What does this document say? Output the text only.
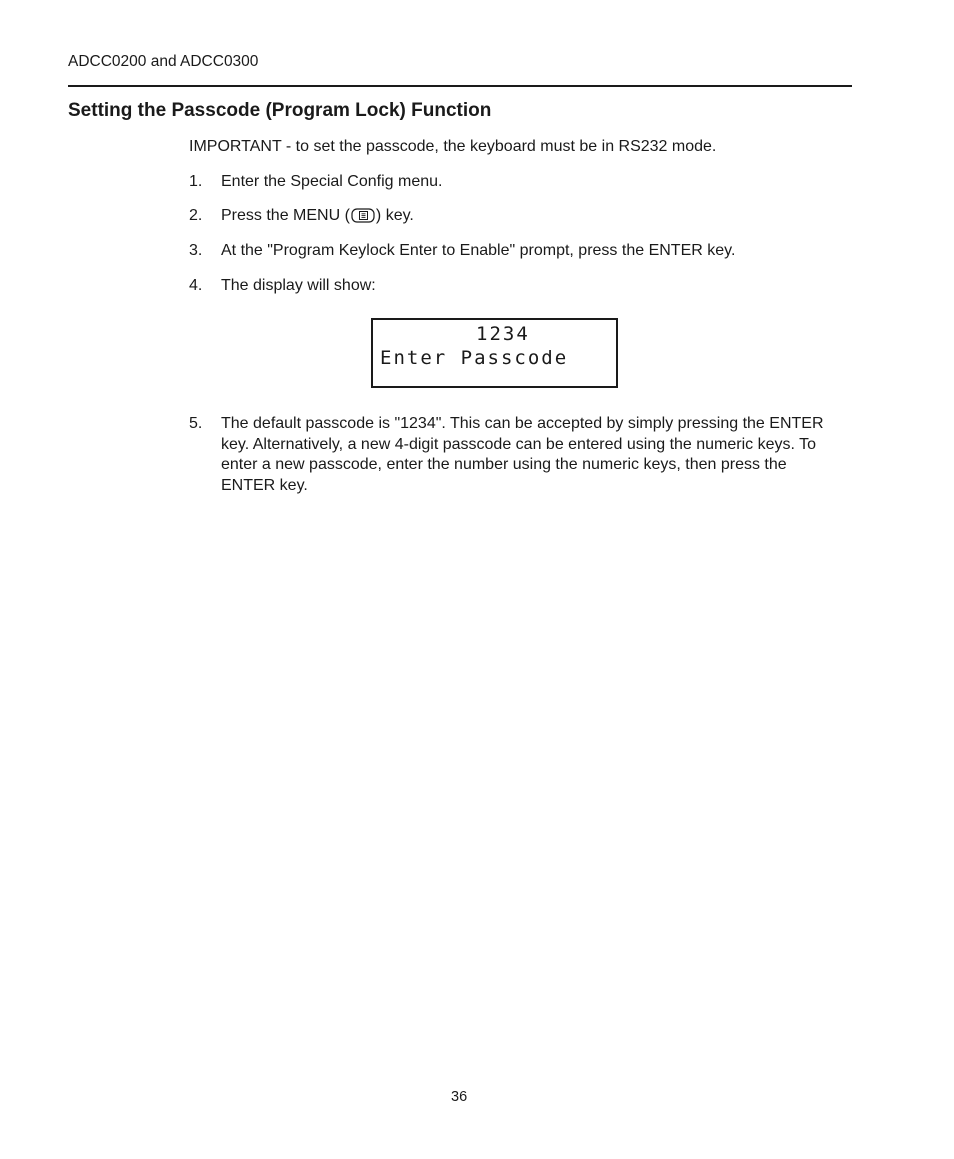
ADCC0200 and ADCC0300
Setting the Passcode (Program Lock) Function

IMPORTANT - to set the passcode, the keyboard must be in RS232 mode.

1. Enter the Special Config menu.
2. Press the MENU ( ) key.
3. At the "Program Keylock Enter to Enable" prompt, press the ENTER key.
4. The display will show:
1234
Enter Passcode
5. The default passcode is "1234". This can be accepted by simply pressing the ENTER key. Alternatively, a new 4-digit passcode can be entered using the numeric keys. To enter a new passcode, enter the number using the numeric keys, then press the ENTER key.
36
